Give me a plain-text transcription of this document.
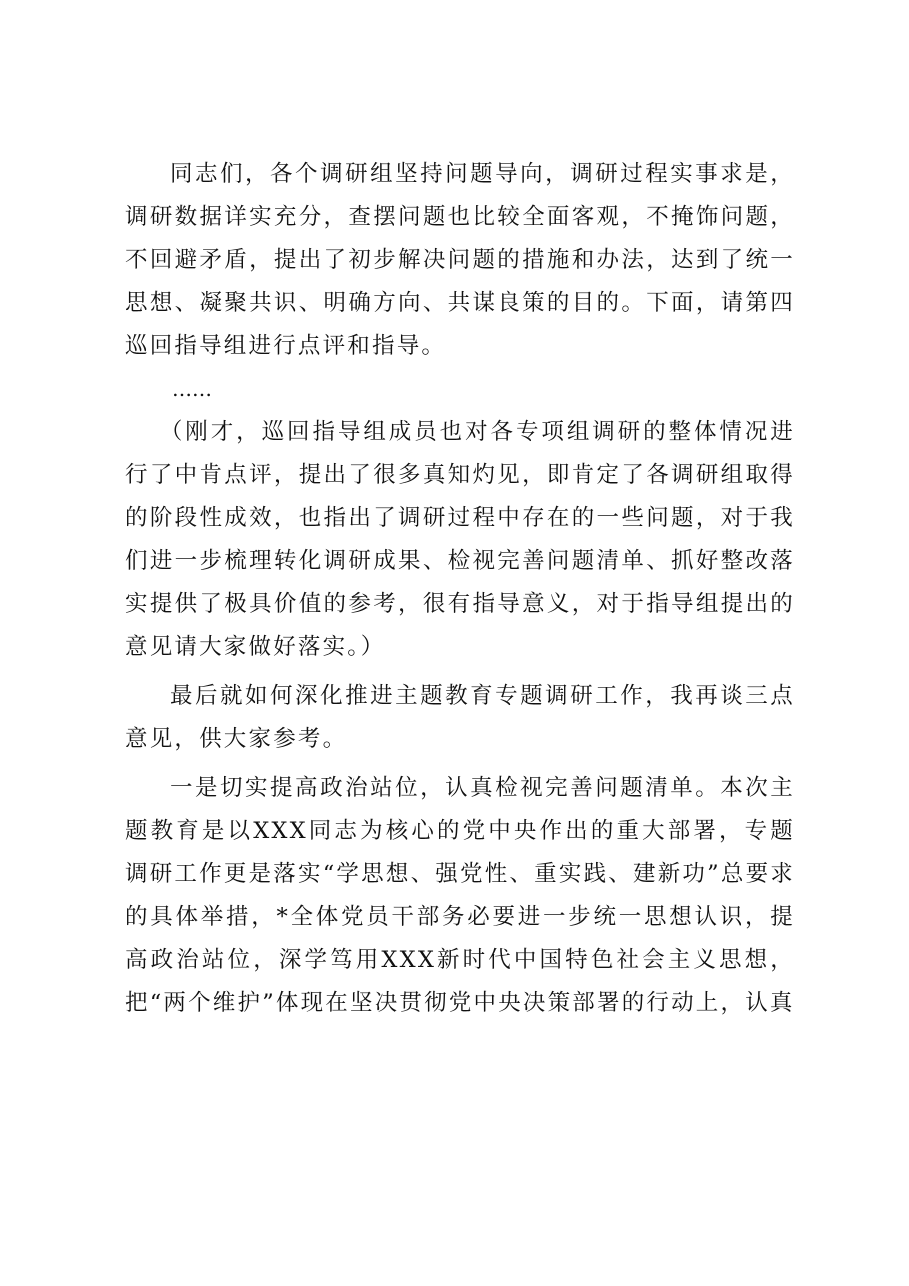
同志们，各个调研组坚持问题导向，调研过程实事求是，调研数据详实充分，查摆问题也比较全面客观，不掩饰问题，不回避矛盾，提出了初步解决问题的措施和办法，达到了统一思想、凝聚共识、明确方向、共谋良策的目的。下面，请第四巡回指导组进行点评和指导。

……

（刚才，巡回指导组成员也对各专项组调研的整体情况进行了中肯点评，提出了很多真知灼见，即肯定了各调研组取得的阶段性成效，也指出了调研过程中存在的一些问题，对于我们进一步梳理转化调研成果、检视完善问题清单、抓好整改落实提供了极具价值的参考，很有指导意义，对于指导组提出的意见请大家做好落实。）

最后就如何深化推进主题教育专题调研工作，我再谈三点意见，供大家参考。

一是切实提高政治站位，认真检视完善问题清单。本次主题教育是以XXX同志为核心的党中央作出的重大部署，专题调研工作更是落实“学思想、强党性、重实践、建新功”总要求的具体举措，*全体党员干部务必要进一步统一思想认识，提高政治站位，深学笃用XXX新时代中国特色社会主义思想，把“两个维护”体现在坚决贯彻党中央决策部署的行动上，认真
